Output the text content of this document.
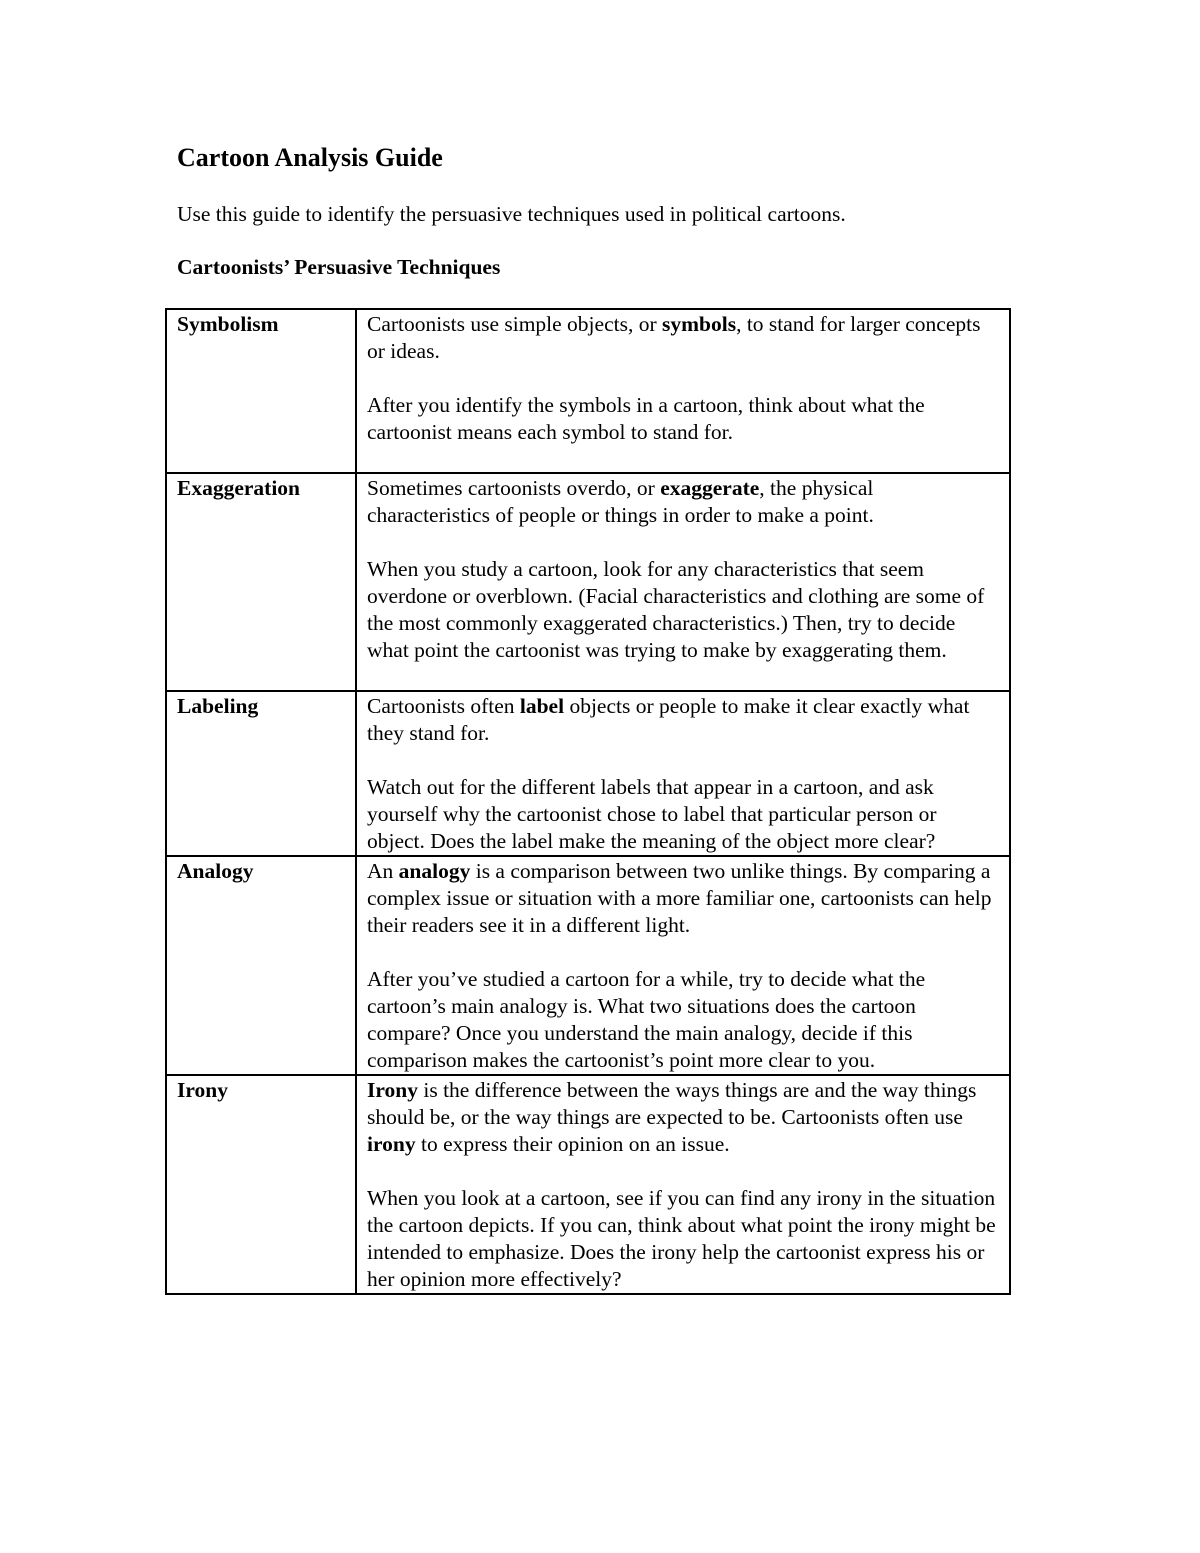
Cartoon Analysis Guide

Use this guide to identify the persuasive techniques used in political cartoons.

Cartoonists’ Persuasive Techniques
Symbolism	Cartoonists use simple objects, or symbols, to stand for larger concepts or ideas.

After you identify the symbols in a cartoon, think about what the cartoonist means each symbol to stand for.

Exaggeration	Sometimes cartoonists overdo, or exaggerate, the physical characteristics of people or things in order to make a point.

When you study a cartoon, look for any characteristics that seem overdone or overblown. (Facial characteristics and clothing are some of the most commonly exaggerated characteristics.) Then, try to decide what point the cartoonist was trying to make by exaggerating them.

Labeling	Cartoonists often label objects or people to make it clear exactly what they stand for.

Watch out for the different labels that appear in a cartoon, and ask yourself why the cartoonist chose to label that particular person or object. Does the label make the meaning of the object more clear?

Analogy	An analogy is a comparison between two unlike things. By comparing a complex issue or situation with a more familiar one, cartoonists can help their readers see it in a different light.

After you’ve studied a cartoon for a while, try to decide what the cartoon’s main analogy is. What two situations does the cartoon compare? Once you understand the main analogy, decide if this comparison makes the cartoonist’s point more clear to you.

Irony	Irony is the difference between the ways things are and the way things should be, or the way things are expected to be. Cartoonists often use irony to express their opinion on an issue.

When you look at a cartoon, see if you can find any irony in the situation the cartoon depicts. If you can, think about what point the irony might be intended to emphasize. Does the irony help the cartoonist express his or her opinion more effectively?
